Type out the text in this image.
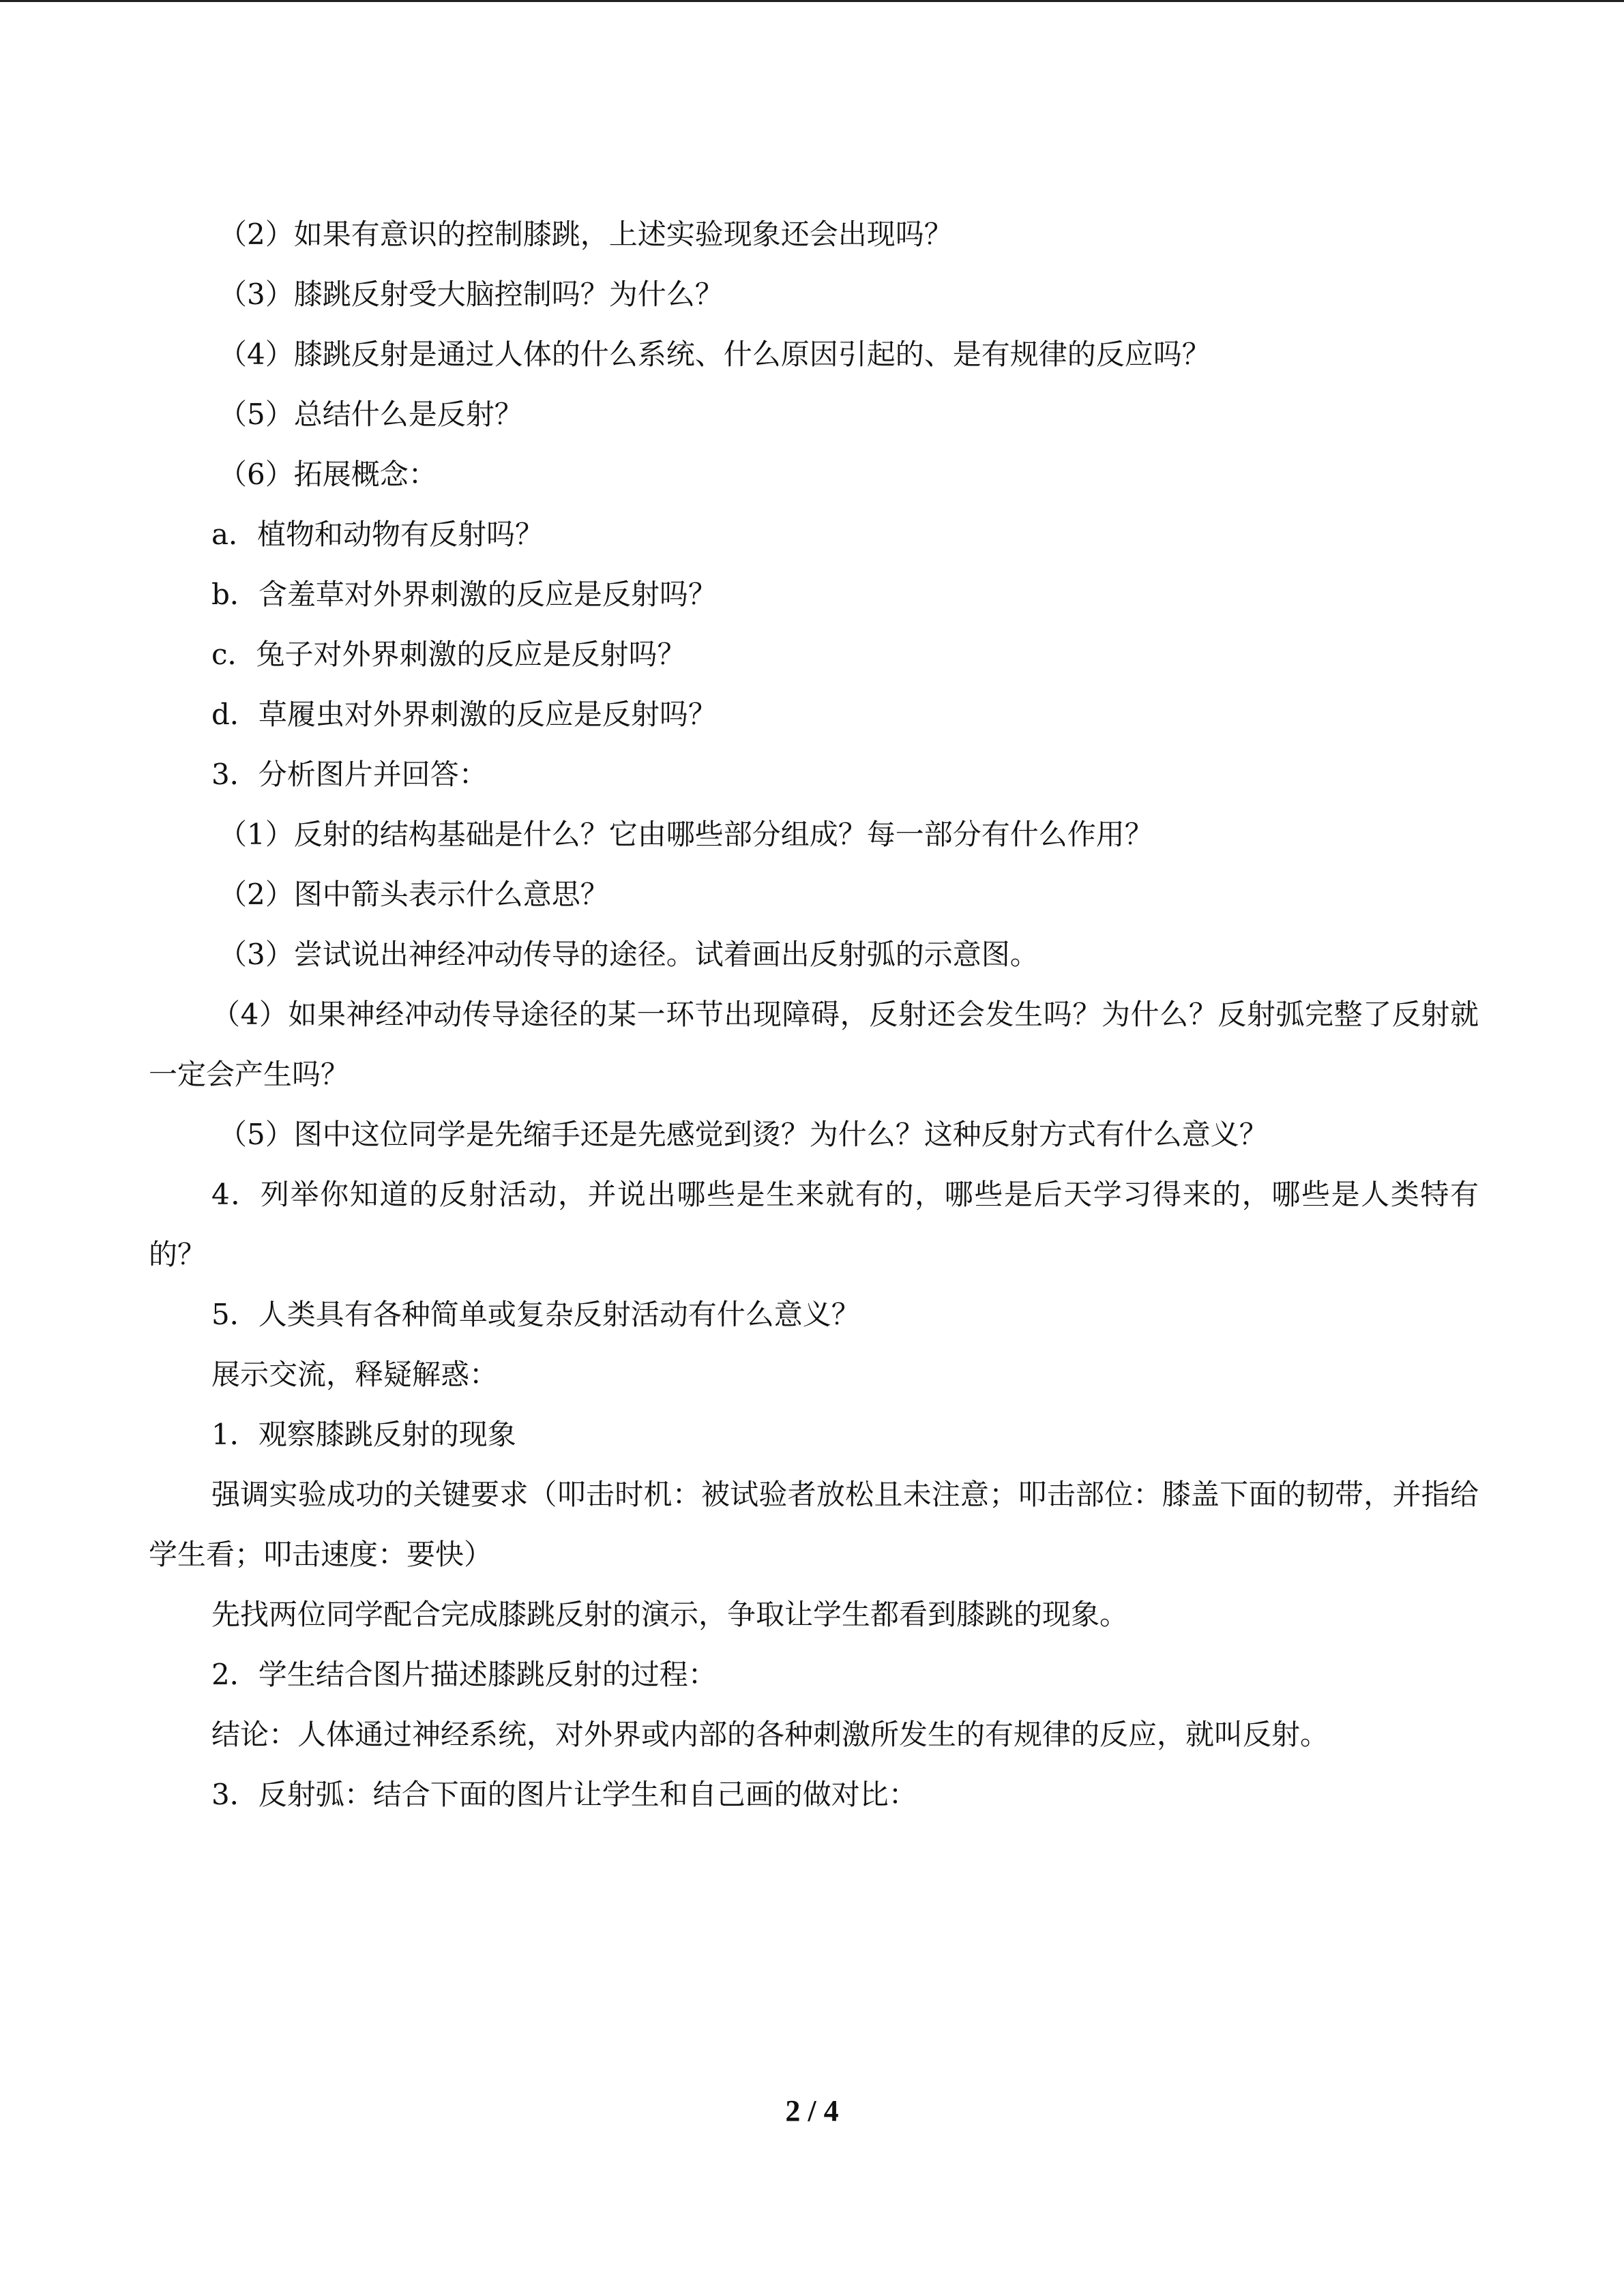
（2）如果有意识的控制膝跳，上述实验现象还会出现吗？
（3）膝跳反射受大脑控制吗？为什么？
（4）膝跳反射是通过人体的什么系统、什么原因引起的、是有规律的反应吗？
（5）总结什么是反射？
（6）拓展概念：
a．植物和动物有反射吗？
b．含羞草对外界刺激的反应是反射吗？
c．兔子对外界刺激的反应是反射吗？
d．草履虫对外界刺激的反应是反射吗？
3．分析图片并回答：
（1）反射的结构基础是什么？它由哪些部分组成？每一部分有什么作用？
（2）图中箭头表示什么意思？
（3）尝试说出神经冲动传导的途径。试着画出反射弧的示意图。
（4）如果神经冲动传导途径的某一环节出现障碍，反射还会发生吗？为什么？反射弧完整了反射就一定会产生吗？
（5）图中这位同学是先缩手还是先感觉到烫？为什么？这种反射方式有什么意义？
4．列举你知道的反射活动，并说出哪些是生来就有的，哪些是后天学习得来的，哪些是人类特有的？
5．人类具有各种简单或复杂反射活动有什么意义？
展示交流，释疑解惑：
1．观察膝跳反射的现象
强调实验成功的关键要求（叩击时机：被试验者放松且未注意；叩击部位：膝盖下面的韧带，并指给学生看；叩击速度：要快）
先找两位同学配合完成膝跳反射的演示，争取让学生都看到膝跳的现象。
2．学生结合图片描述膝跳反射的过程：
结论：人体通过神经系统，对外界或内部的各种刺激所发生的有规律的反应，就叫反射。
3．反射弧：结合下面的图片让学生和自己画的做对比：
2 / 4
